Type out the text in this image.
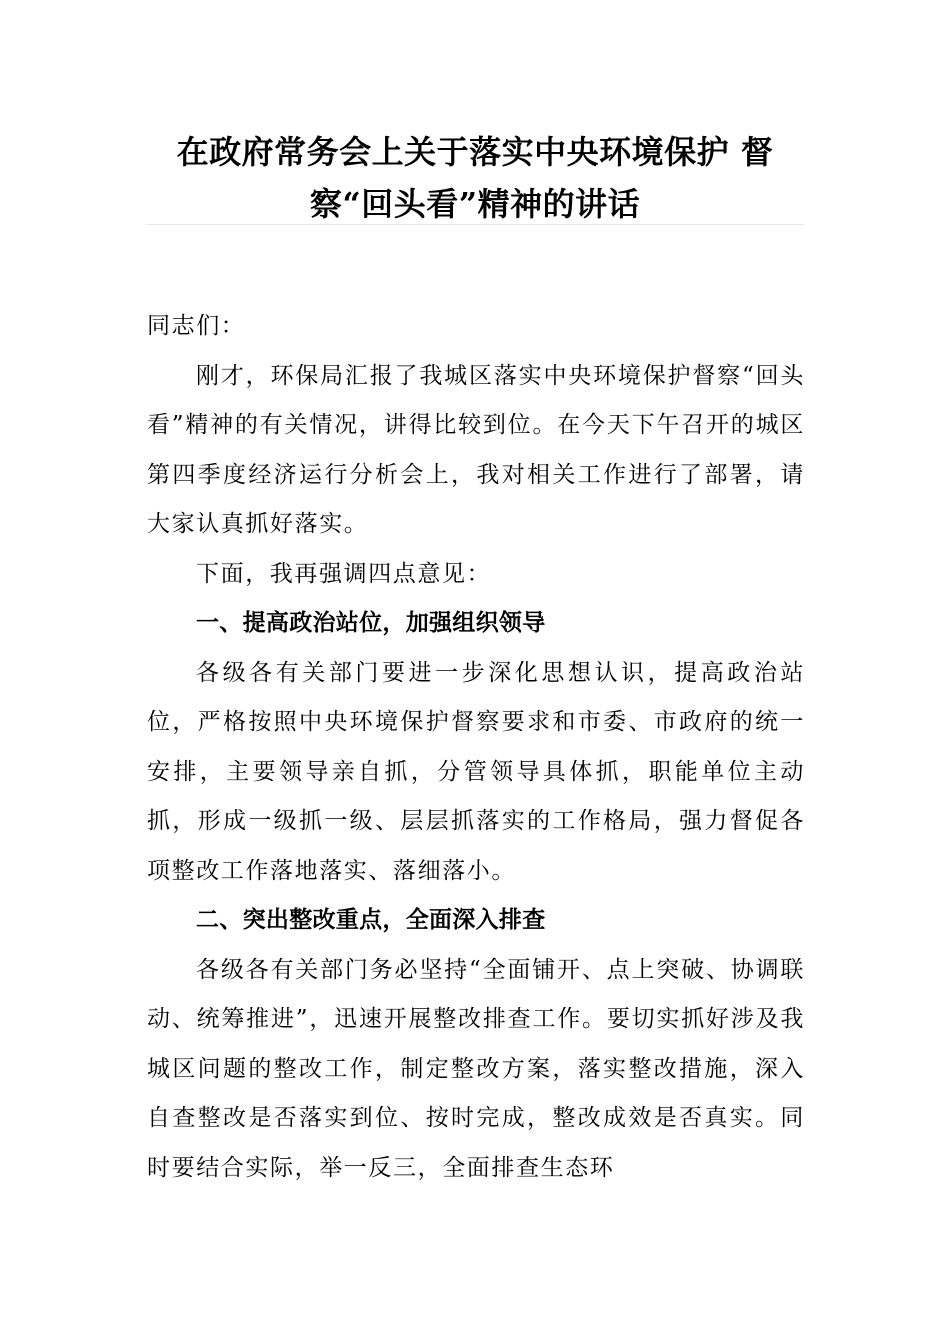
在政府常务会上关于落实中央环境保护 督察“回头看”精神的讲话

同志们：

刚才，环保局汇报了我城区落实中央环境保护督察“回头看”精神的有关情况，讲得比较到位。在今天下午召开的城区第四季度经济运行分析会上，我对相关工作进行了部署，请大家认真抓好落实。

下面，我再强调四点意见：

一、提高政治站位，加强组织领导

各级各有关部门要进一步深化思想认识，提高政治站位，严格按照中央环境保护督察要求和市委、市政府的统一安排，主要领导亲自抓，分管领导具体抓，职能单位主动抓，形成一级抓一级、层层抓落实的工作格局，强力督促各项整改工作落地落实、落细落小。

二、突出整改重点，全面深入排查

各级各有关部门务必坚持“全面铺开、点上突破、协调联动、统筹推进”，迅速开展整改排查工作。要切实抓好涉及我城区问题的整改工作，制定整改方案，落实整改措施，深入自查整改是否落实到位、按时完成，整改成效是否真实。同时要结合实际，举一反三，全面排查生态环
